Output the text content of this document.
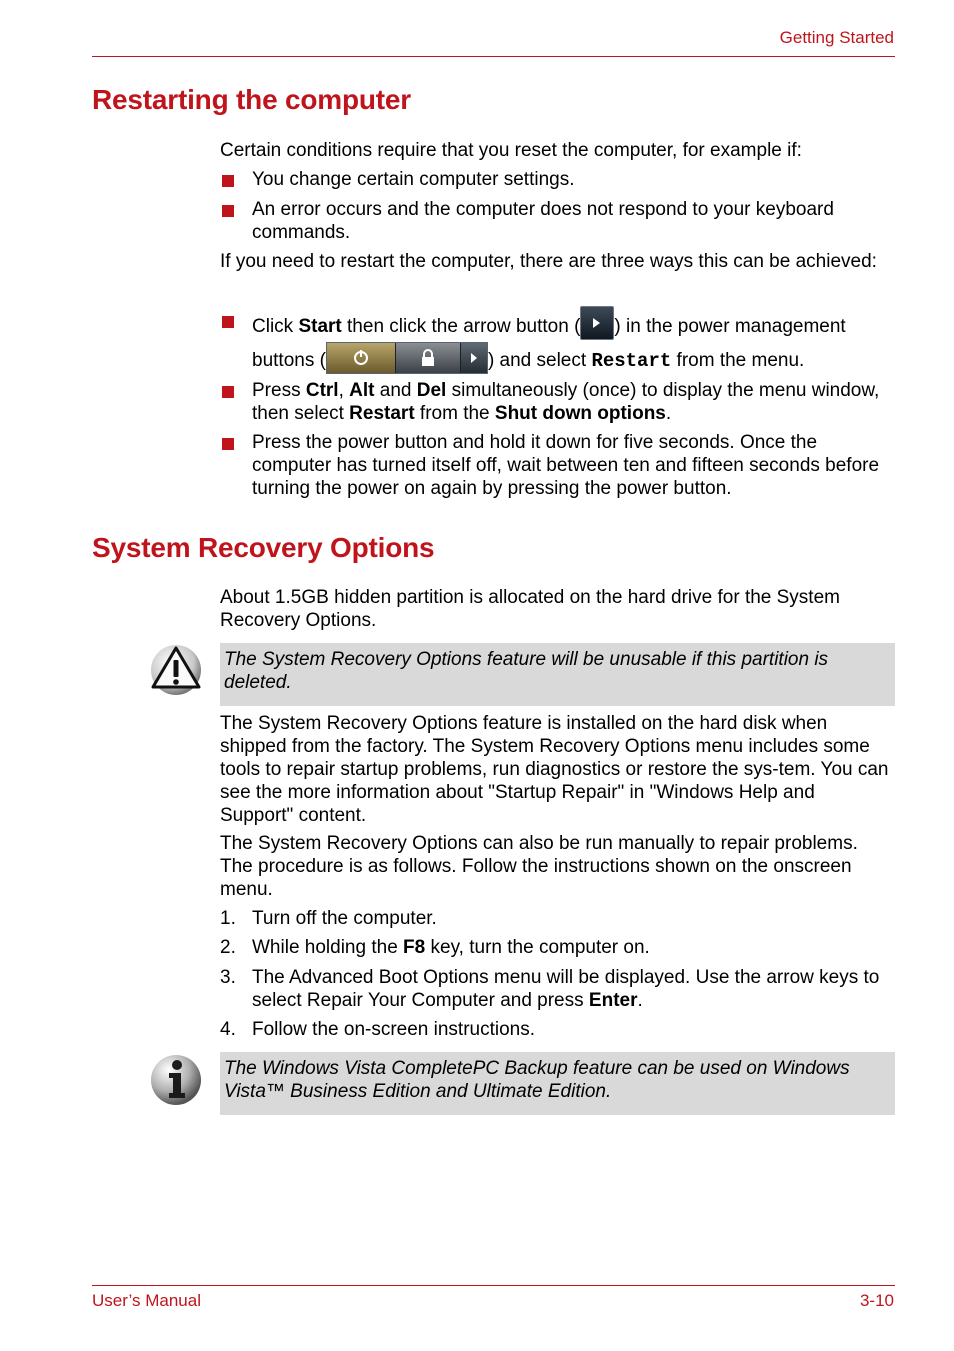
Getting Started
Restarting the computer

Certain conditions require that you reset the computer, for example if:

You change certain computer settings.
An error occurs and the computer does not respond to your keyboard commands.

If you need to restart the computer, there are three ways this can be achieved:

Click Start then click the arrow button ( ) in the power management buttons (	) and select Restart from the menu.
Press Ctrl, Alt and Del simultaneously (once) to display the menu window, then select Restart from the Shut down options.
Press the power button and hold it down for five seconds. Once the computer has turned itself off, wait between ten and fifteen seconds before turning the power on again by pressing the power button.
System Recovery Options

About 1.5GB hidden partition is allocated on the hard drive for the System Recovery Options.

The System Recovery Options feature will be unusable if this partition is deleted.

The System Recovery Options feature is installed on the hard disk when shipped from the factory. The System Recovery Options menu includes some tools to repair startup problems, run diagnostics or restore the sys-tem. You can see the more information about "Startup Repair" in "Windows Help and Support" content.

The System Recovery Options can also be run manually to repair problems. The procedure is as follows. Follow the instructions shown on the onscreen menu.

1. Turn off the computer.
2. While holding the F8 key, turn the computer on.
3. The Advanced Boot Options menu will be displayed. Use the arrow keys to select Repair Your Computer and press Enter.
4. Follow the on-screen instructions.
The Windows Vista CompletePC Backup feature can be used on Windows Vista™ Business Edition and Ultimate Edition.
User’s Manual	3-10
